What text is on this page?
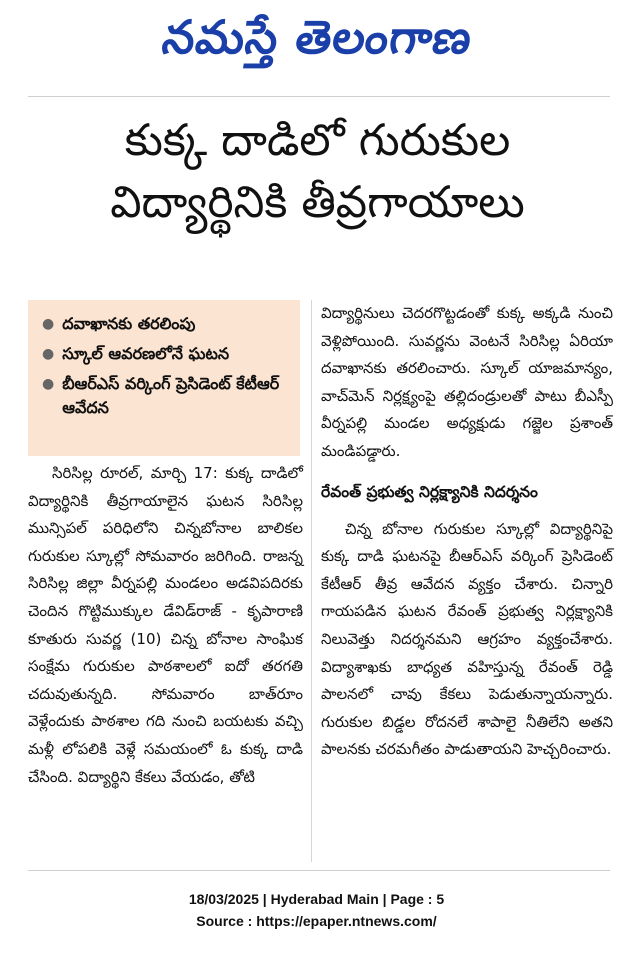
నమస్తే తెలంగాణ
కుక్క దాడిలో గురుకుల
విద్యార్థినికి తీవ్రగాయాలు
● దవాఖానకు తరలింపు
● స్కూల్ ఆవరణలోనే ఘటన
● బీఆర్ఎస్ వర్కింగ్ ప్రెసిడెంట్ కేటీఆర్ ఆవేదన

సిరిసిల్ల రూరల్, మార్చి 17: కుక్క దాడిలో విద్యార్థినికి తీవ్రగాయాలైన ఘటన సిరిసిల్ల మున్సిపల్ పరిధిలోని చిన్నబోనాల బాలికల గురుకుల స్కూల్లో సోమవారం జరిగింది. రాజన్న సిరిసిల్ల జిల్లా వీర్నపల్లి మండలం అడవిపదిరకు చెందిన గొట్టిముక్కుల డేవిడ్‌రాజ్ - కృపారాణి కూతురు సువర్ణ (10) చిన్న బోనాల సాంఘిక సంక్షేమ గురుకుల పాఠశాలలో ఐదో తరగతి చదువుతున్నది. సోమవారం బాత్‌రూం వెళ్లేందుకు పాఠశాల గది నుంచి బయటకు వచ్చి మళ్లీ లోపలికి వెళ్లే సమయంలో ఓ కుక్క దాడి చేసింది. విద్యార్థిని కేకలు వేయడం, తోటి

విద్యార్థినులు చెదరగొట్టడంతో కుక్క అక్కడి నుంచి వెళ్లిపోయింది. సువర్ణను వెంటనే సిరిసిల్ల ఏరియా దవాఖానకు తరలించారు. స్కూల్ యాజమాన్యం, వాచ్‌మెన్ నిర్లక్ష్యంపై తల్లిదండ్రులతో పాటు బీఎస్పీ వీర్నపల్లి మండల అధ్యక్షుడు గజ్జెల ప్రశాంత్ మండిపడ్డారు.

రేవంత్ ప్రభుత్వ నిర్లక్ష్యానికి నిదర్శనం

చిన్న బోనాల గురుకుల స్కూల్లో విద్యార్థినిపై కుక్క దాడి ఘటనపై బీఆర్ఎస్ వర్కింగ్ ప్రెసిడెంట్ కేటీఆర్ తీవ్ర ఆవేదన వ్యక్తం చేశారు. చిన్నారి గాయపడిన ఘటన రేవంత్ ప్రభుత్వ నిర్లక్ష్యానికి నిలువెత్తు నిదర్శనమని ఆగ్రహం వ్యక్తంచేశారు. విద్యాశాఖకు బాధ్యత వహిస్తున్న రేవంత్ రెడ్డి పాలనలో చావు కేకలు పెడుతున్నాయన్నారు. గురుకుల బిడ్డల రోదనలే శాపాలై నీతిలేని అతని పాలనకు చరమగీతం పాడుతాయని హెచ్చరించారు.

18/03/2025 | Hyderabad Main | Page : 5
Source : https://epaper.ntnews.com/
